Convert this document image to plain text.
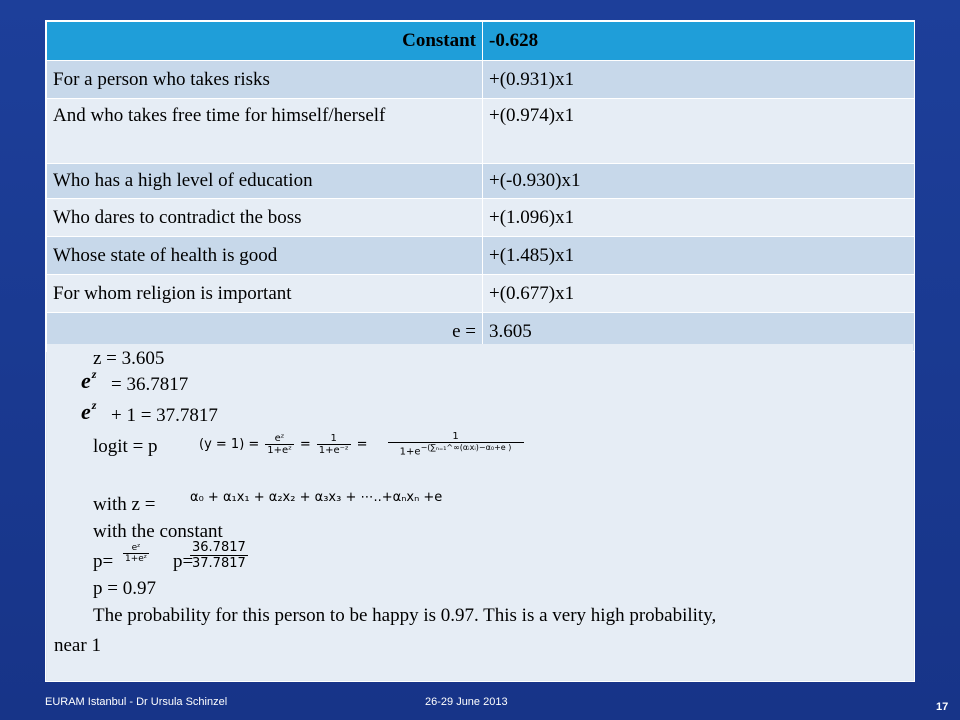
Constant	-0.628
For a person who takes risks	+(0.931)x1
And who takes free time for himself/herself	+(0.974)x1
Who has a high level of education	+(-0.930)x1
Who dares to contradict the boss	+(1.096)x1
Whose state of health is good	+(1.485)x1
For whom religion is important	+(0.677)x1
e =	3.605
z = 3.605
$e^z = 36.7817$
$e^z + 1 = 37.7817$
logit = p	$(y = 1) = \frac{\text{eᶻ}}{\text{1+eᶻ}} = \frac{1}{\text{1+e⁻ᶻ}} = \frac{1}{1+e^{-(\sum_{n=1}\^{}\infty(\alpha ᵢxᵢ)-\alpha_0+e )}}$
with z =	α₀ + α₁x₁ + α₂x₂ + α₃x₃ + ⋯..+αₙxₙ +e
with the constant
$p= \frac{\text{eᶻ}}{\text{1+eᶻ}} p=$
$\frac{36.7817}{37.7817}$
p = 0.97
The probability for this person to be happy is 0.97. This is a very high probability,
near 1
EURAM Istanbul - Dr Ursula Schinzel	26-29 June 2013	17
